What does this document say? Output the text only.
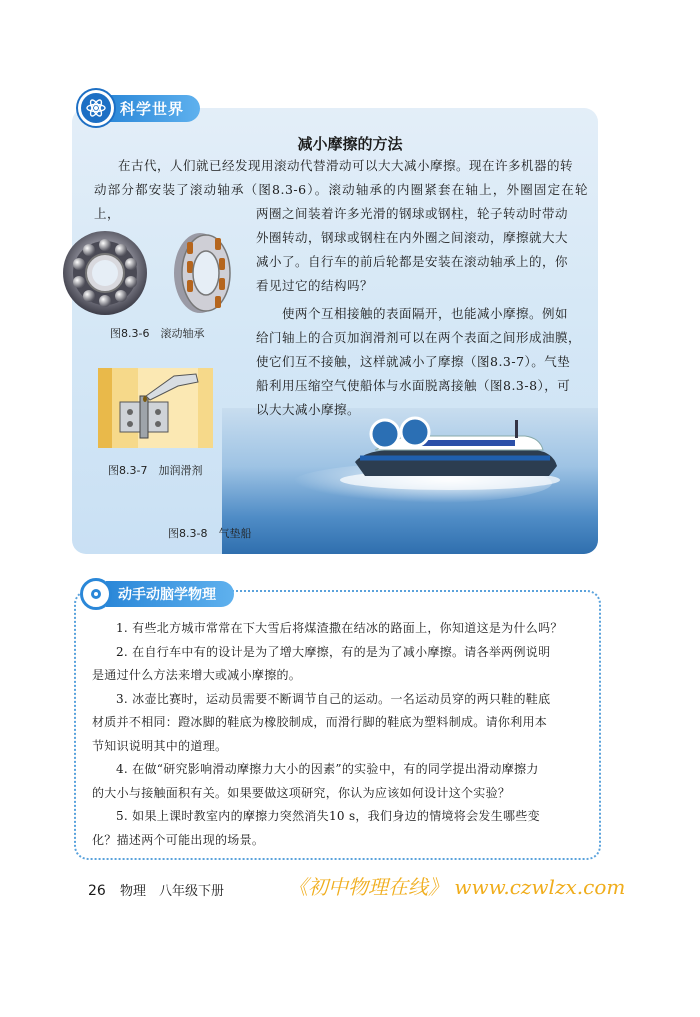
科学世界
减小摩擦的方法
在古代，人们就已经发现用滚动代替滑动可以大大减小摩擦。现在许多机器的转
动部分都安装了滚动轴承（图8.3-6）。滚动轴承的内圈紧套在轴上，外圈固定在轮上，	两圈之间装着许多光滑的钢球或钢柱，轮子转动时带动
外圈转动，钢球或钢柱在内外圈之间滚动，摩擦就大大
减小了。自行车的前后轮都是安装在滚动轴承上的，你
看见过它的结构吗？
使两个互相接触的表面隔开，也能减小摩擦。例如
给门轴上的合页加润滑剂可以在两个表面之间形成油膜，
使它们互不接触，这样就减小了摩擦（图8.3-7）。气垫
船利用压缩空气使船体与水面脱离接触（图8.3-8），可
以大大减小摩擦。
图8.3-6　滚动轴承
图8.3-7　加润滑剂
图8.3-8　气垫船
动手动脑学物理

1. 有些北方城市常常在下大雪后将煤渣撒在结冰的路面上，你知道这是为什么吗？

2. 在自行车中有的设计是为了增大摩擦，有的是为了减小摩擦。请各举两例说明

是通过什么方法来增大或减小摩擦的。

3. 冰壶比赛时，运动员需要不断调节自己的运动。一名运动员穿的两只鞋的鞋底

材质并不相同：蹬冰脚的鞋底为橡胶制成，而滑行脚的鞋底为塑料制成。请你利用本

节知识说明其中的道理。

4. 在做“研究影响滑动摩擦力大小的因素”的实验中，有的同学提出滑动摩擦力

的大小与接触面积有关。如果要做这项研究，你认为应该如何设计这个实验？

5. 如果上课时教室内的摩擦力突然消失10 s，我们身边的情境将会发生哪些变

化？描述两个可能出现的场景。

26 物理　八年级下册	《初中物理在线》 www.czwlzx.com
